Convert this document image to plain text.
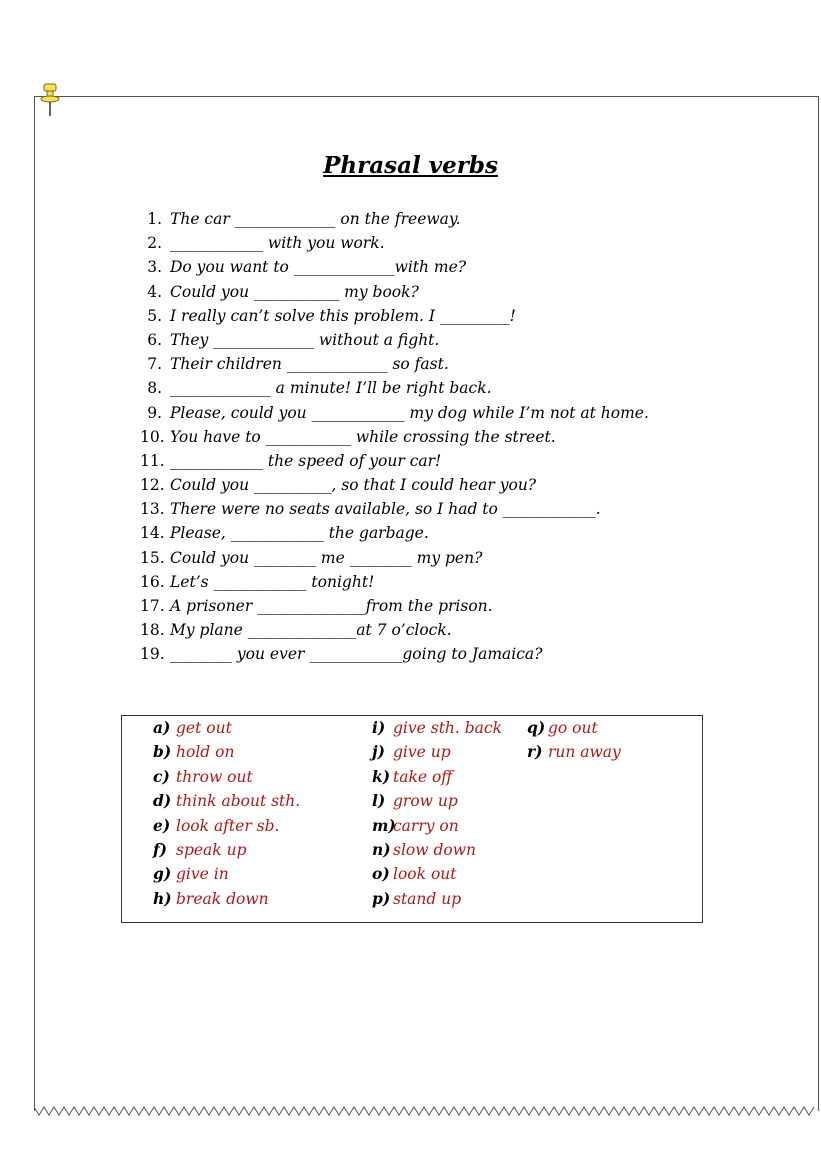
Phrasal verbs
1. The car _____________ on the freeway.
2. ____________ with you work.
3. Do you want to _____________with me?
4. Could you ___________ my book?
5. I really can’t solve this problem. I _________!
6. They _____________ without a fight.
7. Their children _____________ so fast.
8. _____________ a minute! I’ll be right back.
9. Please, could you ____________ my dog while I’m not at home.
10. You have to ___________ while crossing the street.
11. ____________ the speed of your car!
12. Could you __________, so that I could hear you?
13. There were no seats available, so I had to ____________.
14. Please, ____________ the garbage.
15. Could you ________ me ________ my pen?
16. Let’s ____________ tonight!
17. A prisoner ______________from the prison.
18. My plane ______________at 7 o’clock.
19. ________ you ever ____________going to Jamaica?
a) get out
b) hold on
c) throw out
d) think about sth.
e) look after sb.
f) speak up
g) give in
h) break down
i) give sth. back
j) give up
k) take off
l) grow up
m)carry on
n) slow down
o) look out
p) stand up
q) go out
r) run away
